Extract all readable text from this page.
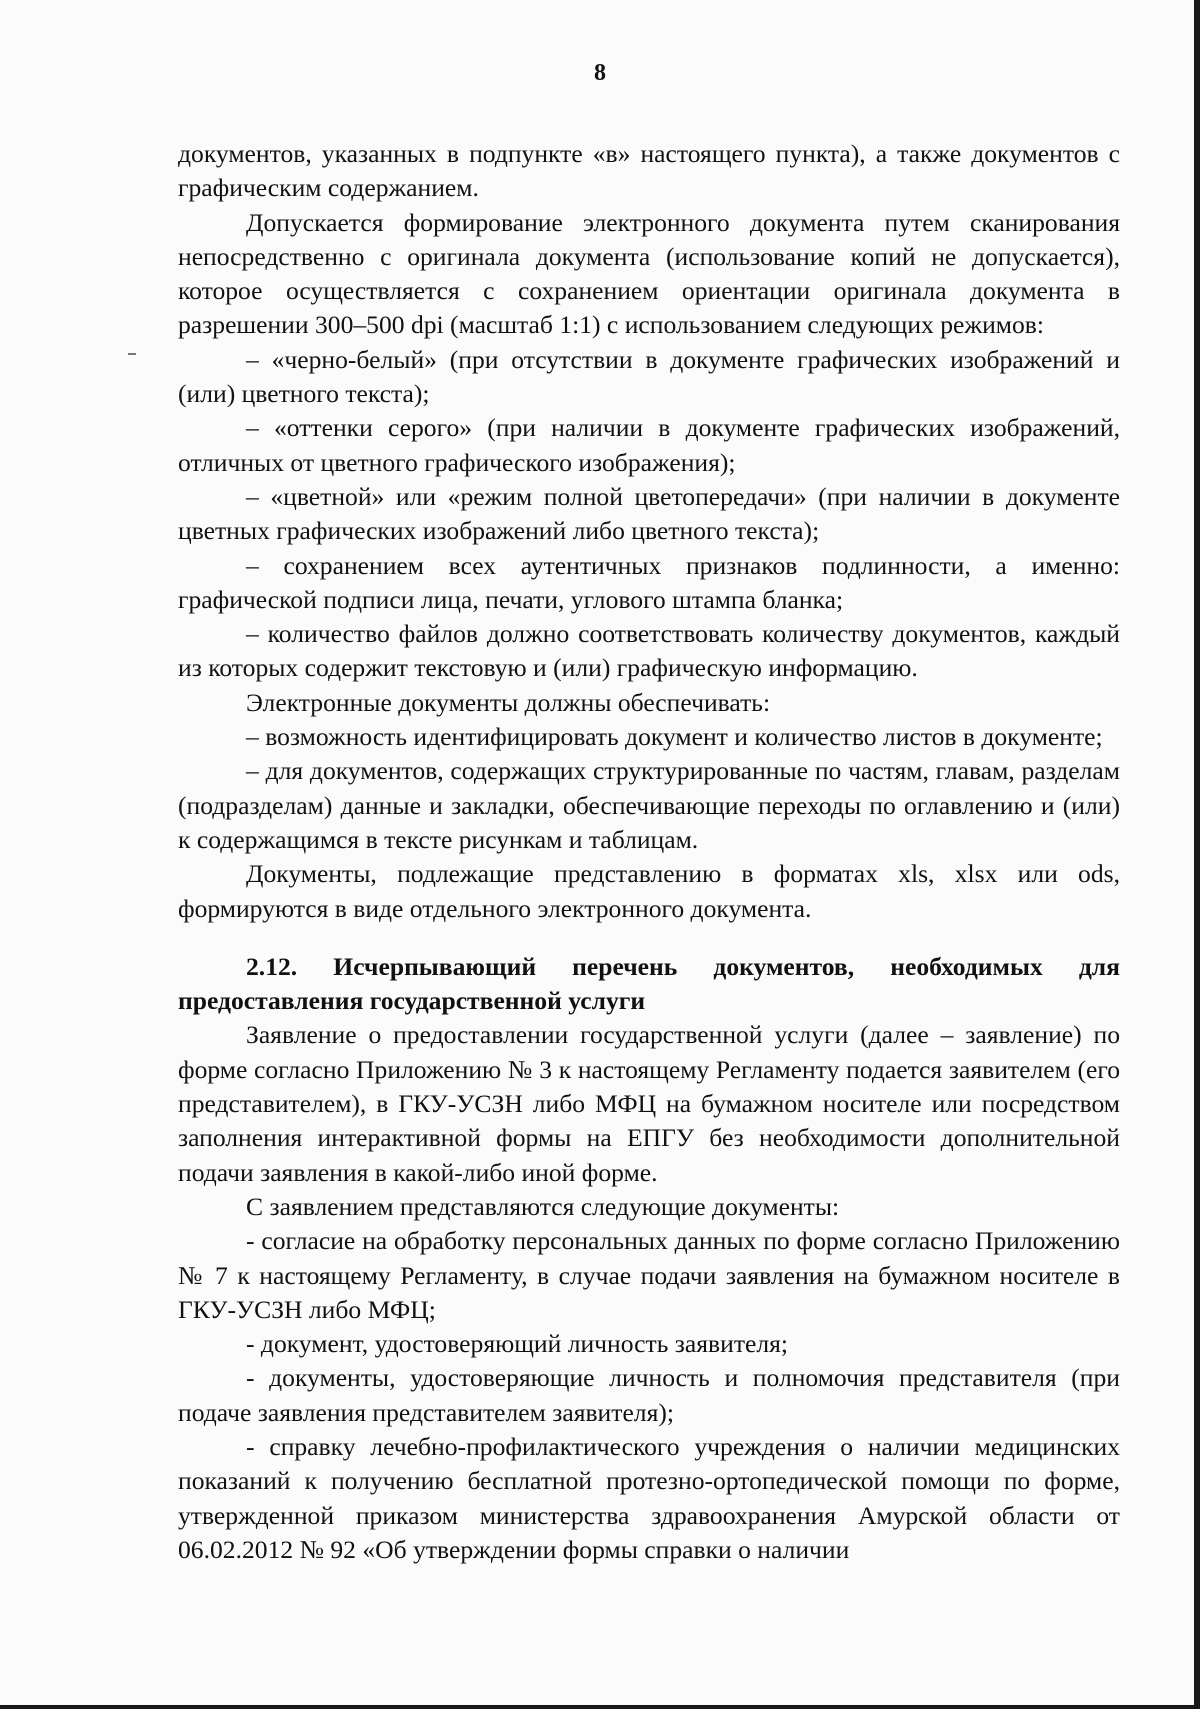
8

документов, указанных в подпункте «в» настоящего пункта), а также документов с графическим содержанием.

Допускается формирование электронного документа путем сканирования непосредственно с оригинала документа (использование копий не допускается), которое осуществляется с сохранением ориентации оригинала документа в разрешении 300–500 dpi (масштаб 1:1) с использованием следующих режимов:

– «черно-белый» (при отсутствии в документе графических изображений и (или) цветного текста);

– «оттенки серого» (при наличии в документе графических изображений, отличных от цветного графического изображения);

– «цветной» или «режим полной цветопередачи» (при наличии в документе цветных графических изображений либо цветного текста);

– сохранением всех аутентичных признаков подлинности, а именно: графической подписи лица, печати, углового штампа бланка;

– количество файлов должно соответствовать количеству документов, каждый из которых содержит текстовую и (или) графическую информацию.

Электронные документы должны обеспечивать:

– возможность идентифицировать документ и количество листов в документе;

– для документов, содержащих структурированные по частям, главам, разделам (подразделам) данные и закладки, обеспечивающие переходы по оглавлению и (или) к содержащимся в тексте рисункам и таблицам.

Документы, подлежащие представлению в форматах xls, xlsx или ods, формируются в виде отдельного электронного документа.

2.12. Исчерпывающий перечень документов, необходимых для предоставления государственной услуги

Заявление о предоставлении государственной услуги (далее – заявление) по форме согласно Приложению № 3 к настоящему Регламенту подается заявителем (его представителем), в ГКУ-УСЗН либо МФЦ на бумажном носителе или посредством заполнения интерактивной формы на ЕПГУ без необходимости дополнительной подачи заявления в какой-либо иной форме.

С заявлением представляются следующие документы:

- согласие на обработку персональных данных по форме согласно Приложению № 7 к настоящему Регламенту, в случае подачи заявления на бумажном носителе в ГКУ-УСЗН либо МФЦ;

- документ, удостоверяющий личность заявителя;

- документы, удостоверяющие личность и полномочия представителя (при подаче заявления представителем заявителя);

- справку лечебно-профилактического учреждения о наличии медицинских показаний к получению бесплатной протезно-ортопедической помощи по форме, утвержденной приказом министерства здравоохранения Амурской области от 06.02.2012 № 92 «Об утверждении формы справки о наличии
